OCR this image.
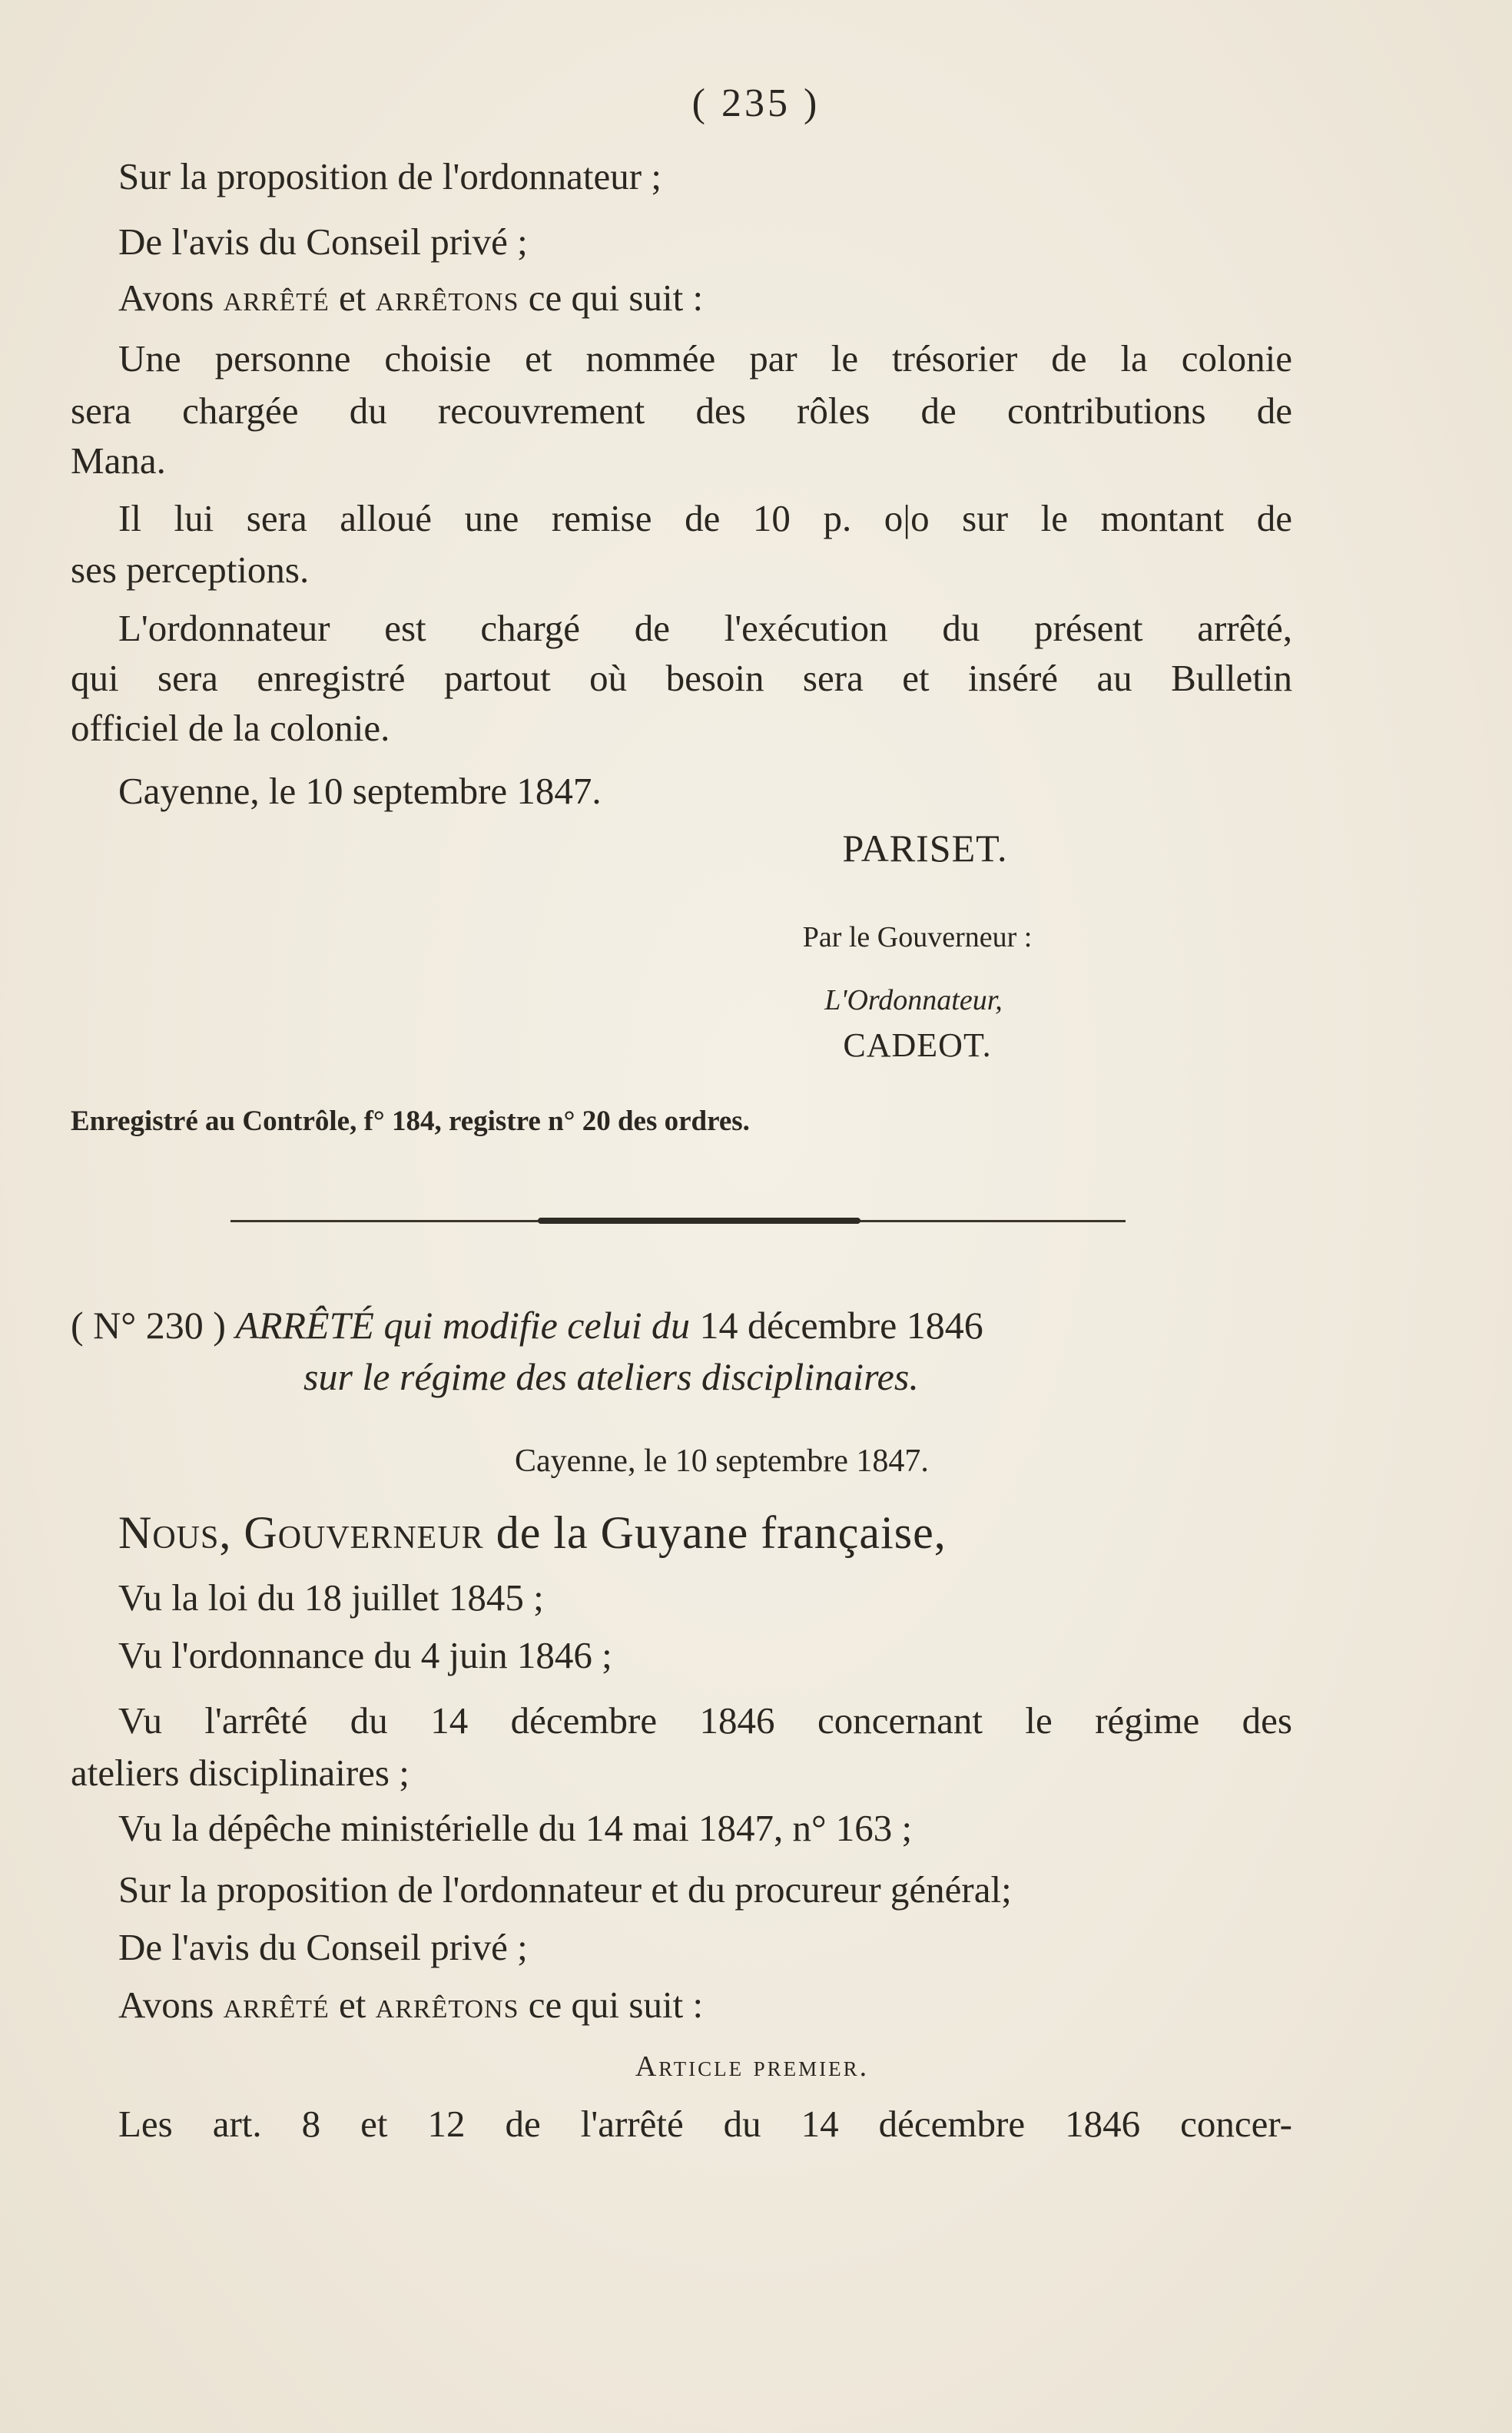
( 235 )
Sur la proposition de l'ordonnateur ;
De l'avis du Conseil privé ;
Avons arrêté et arrêtons ce qui suit :
Une personne choisie et nommée par le trésorier de la colonie
sera chargée du recouvrement des rôles de contributions de
Mana.
Il lui sera alloué une remise de 10 p. o|o sur le montant de
ses perceptions.
L'ordonnateur est chargé de l'exécution du présent arrêté,
qui sera enregistré partout où besoin sera et inséré au Bulletin
officiel de la colonie.
Cayenne, le 10 septembre 1847.
PARISET.
Par le Gouverneur :
L'Ordonnateur,
CADEOT.
Enregistré au Contrôle, f° 184, registre n° 20 des ordres.
( N° 230 ) ARRÊTÉ qui modifie celui du 14 décembre 1846
sur le régime des ateliers disciplinaires.
Cayenne, le 10 septembre 1847.
Nous, Gouverneur de la Guyane française,
Vu la loi du 18 juillet 1845 ;
Vu l'ordonnance du 4 juin 1846 ;
Vu l'arrêté du 14 décembre 1846 concernant le régime des
ateliers disciplinaires ;
Vu la dépêche ministérielle du 14 mai 1847, n° 163 ;
Sur la proposition de l'ordonnateur et du procureur général;
De l'avis du Conseil privé ;
Avons arrêté et arrêtons ce qui suit :
Article premier.
Les art. 8 et 12 de l'arrêté du 14 décembre 1846 concer-
